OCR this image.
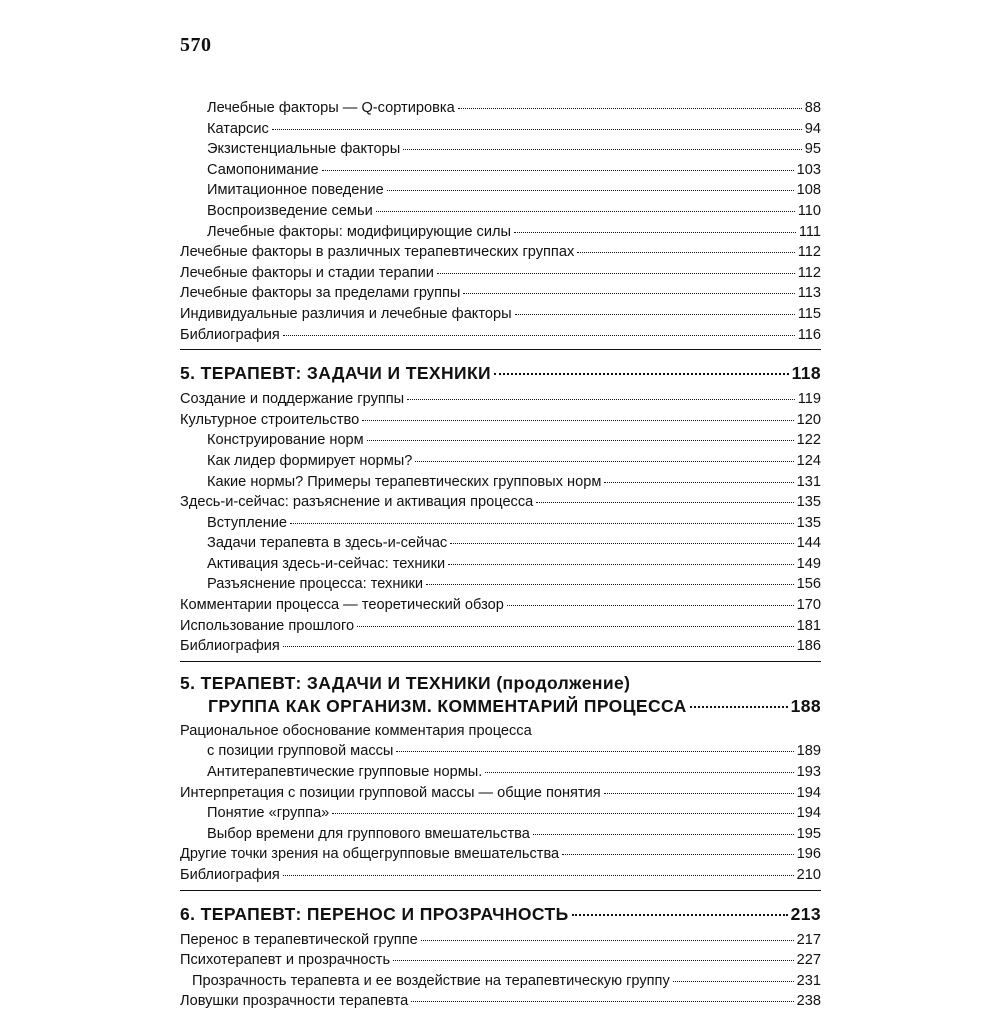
570
Лечебные факторы — Q-сортировка	88
Катарсис	94
Экзистенциальные факторы	95
Самопонимание	103
Имитационное поведение	108
Воспроизведение семьи	110
Лечебные факторы: модифицирующие силы	111
Лечебные факторы в различных терапевтических группах	112
Лечебные факторы и стадии терапии	112
Лечебные факторы за пределами группы	113
Индивидуальные различия и лечебные факторы	115
Библиография	116
5. ТЕРАПЕВТ: ЗАДАЧИ И ТЕХНИКИ	118
Создание и поддержание группы	119
Культурное строительство	120
Конструирование норм	122
Как лидер формирует нормы?	124
Какие нормы? Примеры терапевтических групповых норм	131
Здесь-и-сейчас: разъяснение и активация процесса	135
Вступление	135
Задачи терапевта в здесь-и-сейчас	144
Активация здесь-и-сейчас: техники	149
Разъяснение процесса: техники	156
Комментарии процесса — теоретический обзор	170
Использование прошлого	181
Библиография	186
5. ТЕРАПЕВТ: ЗАДАЧИ И ТЕХНИКИ (продолжение)
ГРУППА КАК ОРГАНИЗМ. КОММЕНТАРИЙ ПРОЦЕССА	188
Рациональное обоснование комментария процесса
с позиции групповой массы	189
Антитерапевтические групповые нормы.	193
Интерпретация с позиции групповой массы — общие понятия	194
Понятие «группа»	194
Выбор времени для группового вмешательства	195
Другие точки зрения на общегрупповые вмешательства	196
Библиография	210
6. ТЕРАПЕВТ: ПЕРЕНОС И ПРОЗРАЧНОСТЬ	213
Перенос в терапевтической группе	217
Психотерапевт и прозрачность	227
Прозрачность терапевта и ее воздействие на терапевтическую группу	231
Ловушки прозрачности терапевта	238
